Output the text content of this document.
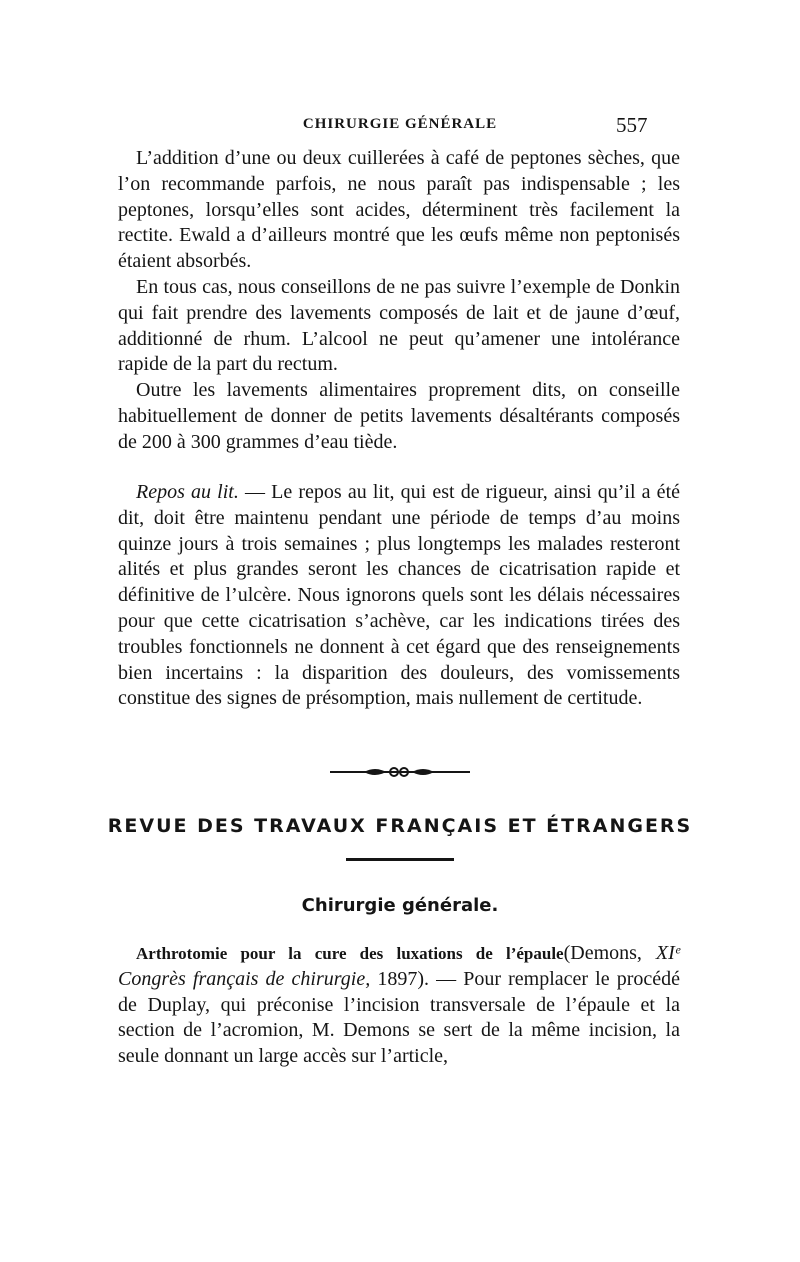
CHIRURGIE GÉNÉRALE	557

L’addition d’une ou deux cuillerées à café de peptones sèches, que l’on recommande parfois, ne nous paraît pas indispensable ; les peptones, lorsqu’elles sont acides, déterminent très facilement la rectite. Ewald a d’ailleurs montré que les œufs même non peptonisés étaient absorbés.

En tous cas, nous conseillons de ne pas suivre l’exemple de Donkin qui fait prendre des lavements composés de lait et de jaune d’œuf, additionné de rhum. L’alcool ne peut qu’amener une intolérance rapide de la part du rectum.

Outre les lavements alimentaires proprement dits, on conseille habituellement de donner de petits lavements désaltérants composés de 200 à 300 grammes d’eau tiède.

Repos au lit. — Le repos au lit, qui est de rigueur, ainsi qu’il a été dit, doit être maintenu pendant une période de temps d’au moins quinze jours à trois semaines ; plus longtemps les malades resteront alités et plus grandes seront les chances de cicatrisation rapide et définitive de l’ulcère. Nous ignorons quels sont les délais nécessaires pour que cette cicatrisation s’achève, car les indications tirées des troubles fonctionnels ne donnent à cet égard que des renseignements bien incertains : la disparition des douleurs, des vomissements constitue des signes de présomption, mais nullement de certitude.

REVUE DES TRAVAUX FRANÇAIS ET ÉTRANGERS
Chirurgie générale.

Arthrotomie pour la cure des luxations de l’épaule(Demons, XIᵉ Congrès français de chirurgie, 1897). — Pour remplacer le procédé de Duplay, qui préconise l’incision transversale de l’épaule et la section de l’acromion, M. Demons se sert de la même incision, la seule donnant un large accès sur l’article,
